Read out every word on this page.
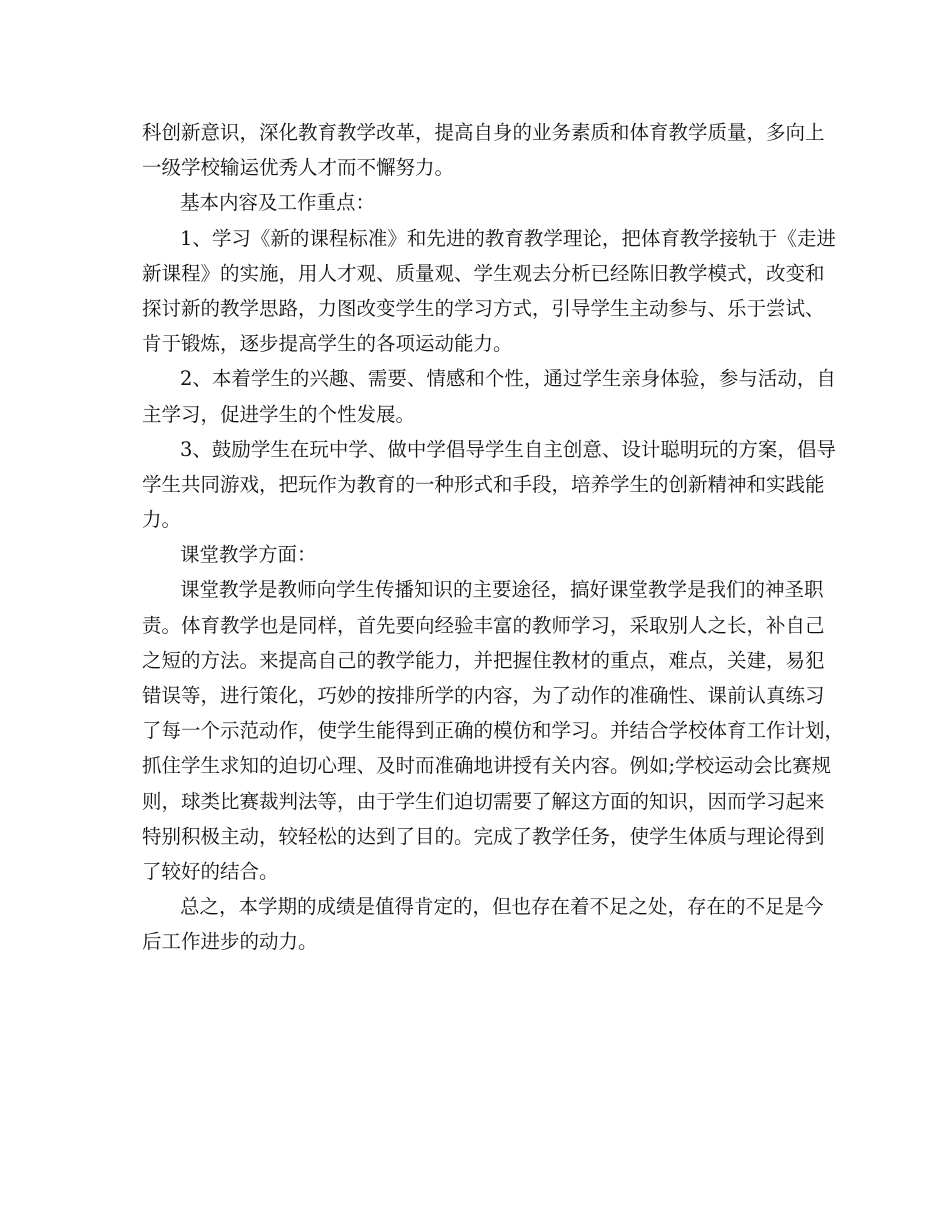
科创新意识，深化教育教学改革，提高自身的业务素质和体育教学质量，多向上
一级学校输运优秀人才而不懈努力。
基本内容及工作重点：
1、学习《新的课程标准》和先进的教育教学理论，把体育教学接轨于《走进
新课程》的实施，用人才观、质量观、学生观去分析已经陈旧教学模式，改变和
探讨新的教学思路，力图改变学生的学习方式，引导学生主动参与、乐于尝试、
肯于锻炼，逐步提高学生的各项运动能力。
2、本着学生的兴趣、需要、情感和个性，通过学生亲身体验，参与活动，自
主学习，促进学生的个性发展。
3、鼓励学生在玩中学、做中学倡导学生自主创意、设计聪明玩的方案，倡导
学生共同游戏，把玩作为教育的一种形式和手段，培养学生的创新精神和实践能
力。
课堂教学方面：
课堂教学是教师向学生传播知识的主要途径，搞好课堂教学是我们的神圣职
责。体育教学也是同样，首先要向经验丰富的教师学习，采取别人之长，补自己
之短的方法。来提高自己的教学能力，并把握住教材的重点，难点，关建，易犯
错误等，进行策化，巧妙的按排所学的内容，为了动作的准确性、课前认真练习
了每一个示范动作，使学生能得到正确的模仿和学习。并结合学校体育工作计划，
抓住学生求知的迫切心理、及时而准确地讲授有关内容。例如;学校运动会比赛规
则，球类比赛裁判法等，由于学生们迫切需要了解这方面的知识，因而学习起来
特别积极主动，较轻松的达到了目的。完成了教学任务，使学生体质与理论得到
了较好的结合。
总之，本学期的成绩是值得肯定的，但也存在着不足之处，存在的不足是今
后工作进步的动力。
